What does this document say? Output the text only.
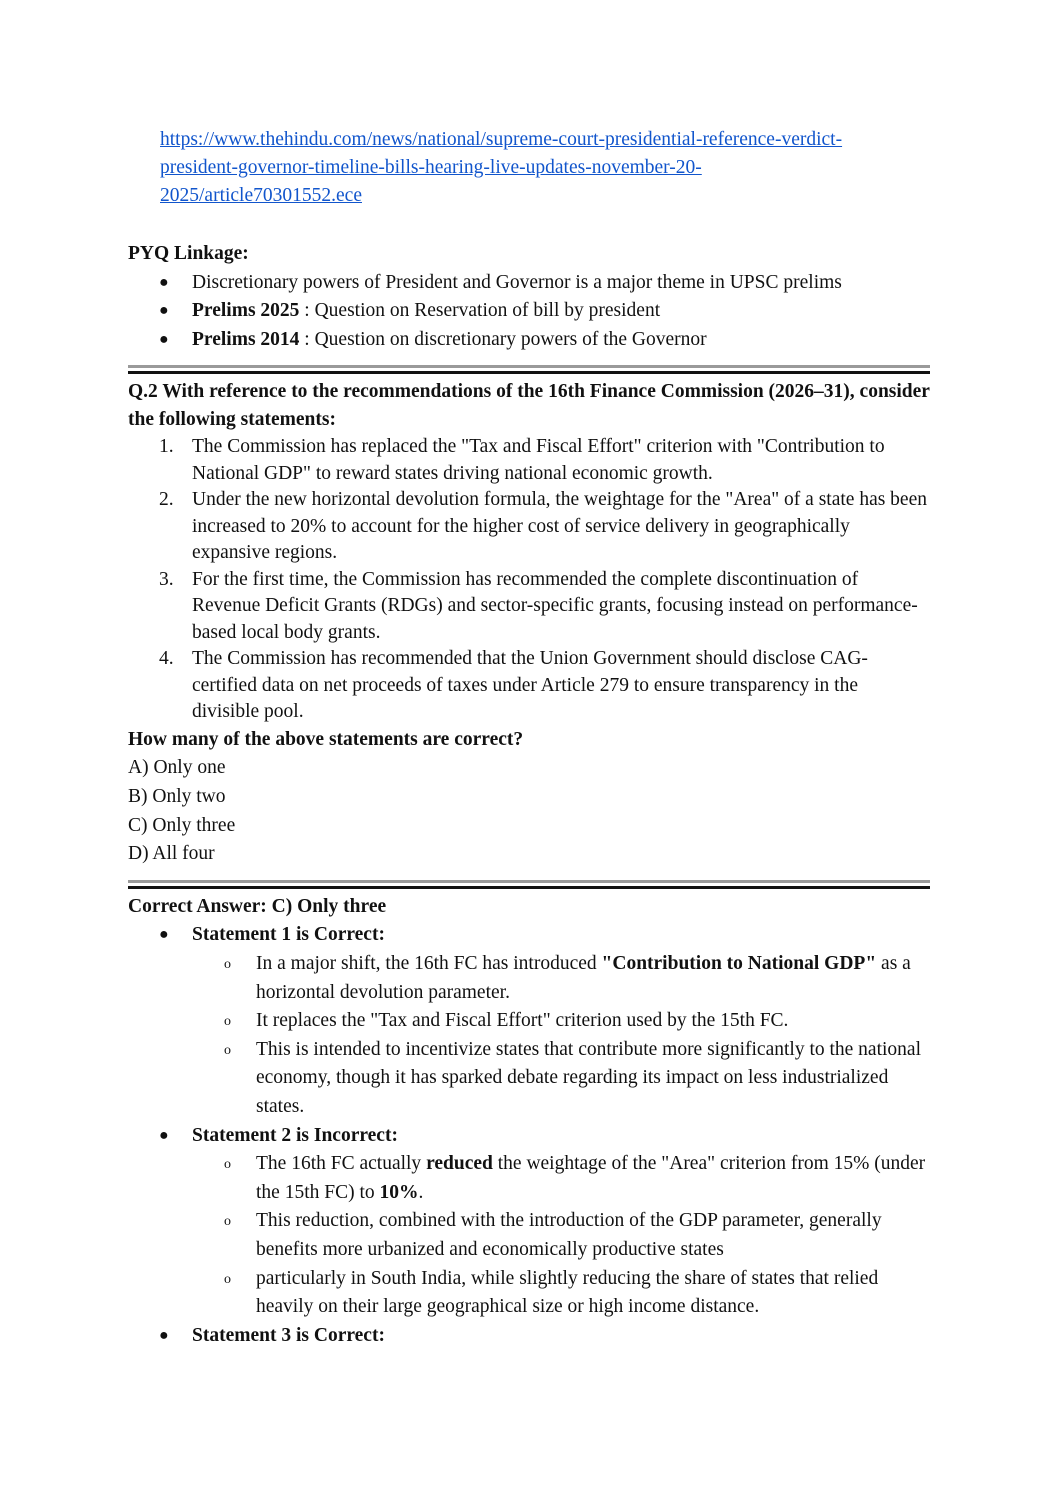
https://www.thehindu.com/news/national/supreme-court-presidential-reference-verdict-
president-governor-timeline-bills-hearing-live-updates-november-20-
2025/article70301552.ece
PYQ Linkage:
● Discretionary powers of President and Governor is a major theme in UPSC prelims
● Prelims 2025 : Question on Reservation of bill by president
● Prelims 2014 : Question on discretionary powers of the Governor
Q.2 With reference to the recommendations of the 16th Finance Commission (2026–31), consider the following statements:
1. The Commission has replaced the "Tax and Fiscal Effort" criterion with "Contribution to National GDP" to reward states driving national economic growth.
2. Under the new horizontal devolution formula, the weightage for the "Area" of a state has been increased to 20% to account for the higher cost of service delivery in geographically expansive regions.
3. For the first time, the Commission has recommended the complete discontinuation of Revenue Deficit Grants (RDGs) and sector-specific grants, focusing instead on performance-based local body grants.
4. The Commission has recommended that the Union Government should disclose CAG-certified data on net proceeds of taxes under Article 279 to ensure transparency in the divisible pool.
How many of the above statements are correct?
A) Only one
B) Only two
C) Only three
D) All four
Correct Answer: C) Only three
● Statement 1 is Correct:
o In a major shift, the 16th FC has introduced "Contribution to National GDP" as a horizontal devolution parameter.
o It replaces the "Tax and Fiscal Effort" criterion used by the 15th FC.
o This is intended to incentivize states that contribute more significantly to the national economy, though it has sparked debate regarding its impact on less industrialized states.
● Statement 2 is Incorrect:
o The 16th FC actually reduced the weightage of the "Area" criterion from 15% (under the 15th FC) to 10%.
o This reduction, combined with the introduction of the GDP parameter, generally benefits more urbanized and economically productive states
o particularly in South India, while slightly reducing the share of states that relied heavily on their large geographical size or high income distance.
● Statement 3 is Correct:
